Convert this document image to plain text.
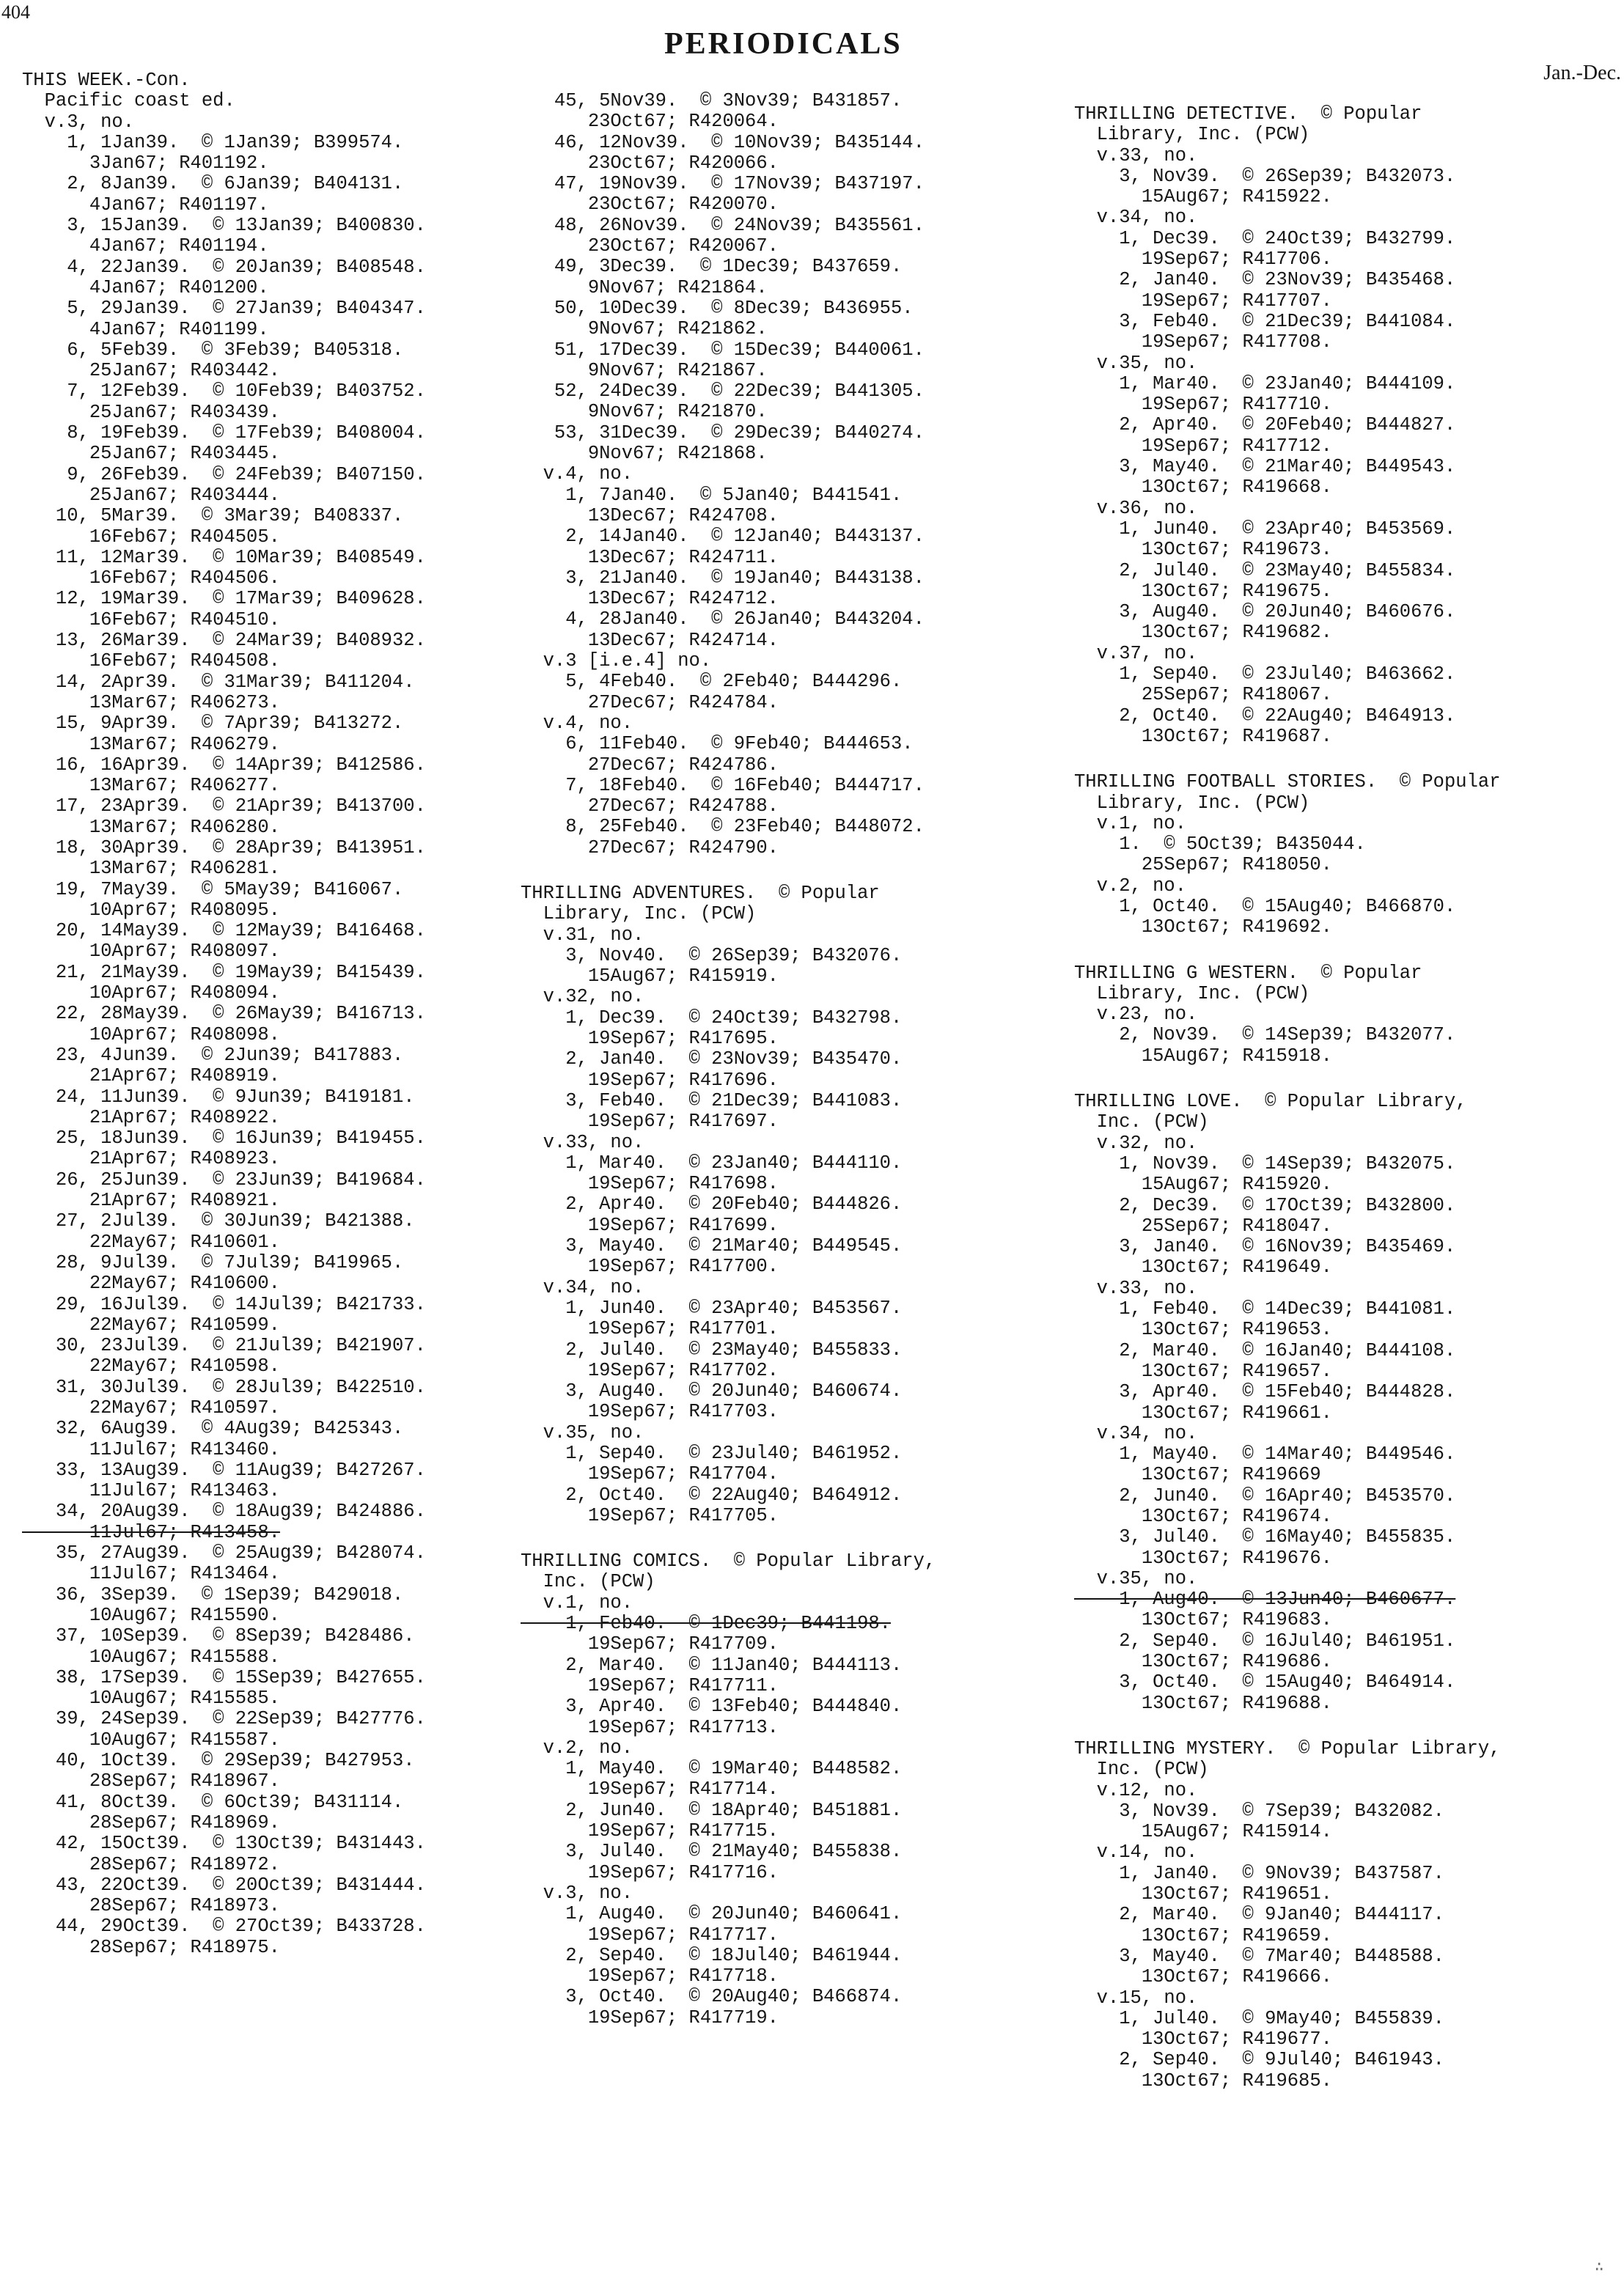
404
PERIODICALS
Jan.-Dec.
THIS WEEK.-Con.
Pacific coast ed.
v.3, no.
1, 1Jan39.  © 1Jan39; B399574.
3Jan67; R401192.
2, 8Jan39.  © 6Jan39; B404131.
4Jan67; R401197.
3, 15Jan39.  © 13Jan39; B400830.
4Jan67; R401194.
4, 22Jan39.  © 20Jan39; B408548.
4Jan67; R401200.
5, 29Jan39.  © 27Jan39; B404347.
4Jan67; R401199.
6, 5Feb39.  © 3Feb39; B405318.
25Jan67; R403442.
7, 12Feb39.  © 10Feb39; B403752.
25Jan67; R403439.
8, 19Feb39.  © 17Feb39; B408004.
25Jan67; R403445.
9, 26Feb39.  © 24Feb39; B407150.
25Jan67; R403444.
10, 5Mar39.  © 3Mar39; B408337.
16Feb67; R404505.
11, 12Mar39.  © 10Mar39; B408549.
16Feb67; R404506.
12, 19Mar39.  © 17Mar39; B409628.
16Feb67; R404510.
13, 26Mar39.  © 24Mar39; B408932.
16Feb67; R404508.
14, 2Apr39.  © 31Mar39; B411204.
13Mar67; R406273.
15, 9Apr39.  © 7Apr39; B413272.
13Mar67; R406279.
16, 16Apr39.  © 14Apr39; B412586.
13Mar67; R406277.
17, 23Apr39.  © 21Apr39; B413700.
13Mar67; R406280.
18, 30Apr39.  © 28Apr39; B413951.
13Mar67; R406281.
19, 7May39.  © 5May39; B416067.
10Apr67; R408095.
20, 14May39.  © 12May39; B416468.
10Apr67; R408097.
21, 21May39.  © 19May39; B415439.
10Apr67; R408094.
22, 28May39.  © 26May39; B416713.
10Apr67; R408098.
23, 4Jun39.  © 2Jun39; B417883.
21Apr67; R408919.
24, 11Jun39.  © 9Jun39; B419181.
21Apr67; R408922.
25, 18Jun39.  © 16Jun39; B419455.
21Apr67; R408923.
26, 25Jun39.  © 23Jun39; B419684.
21Apr67; R408921.
27, 2Jul39.  © 30Jun39; B421388.
22May67; R410601.
28, 9Jul39.  © 7Jul39; B419965.
22May67; R410600.
29, 16Jul39.  © 14Jul39; B421733.
22May67; R410599.
30, 23Jul39.  © 21Jul39; B421907.
22May67; R410598.
31, 30Jul39.  © 28Jul39; B422510.
22May67; R410597.
32, 6Aug39.  © 4Aug39; B425343.
11Jul67; R413460.
33, 13Aug39.  © 11Aug39; B427267.
11Jul67; R413463.
34, 20Aug39.  © 18Aug39; B424886.
11Jul67; R413458.
35, 27Aug39.  © 25Aug39; B428074.
11Jul67; R413464.
36, 3Sep39.  © 1Sep39; B429018.
10Aug67; R415590.
37, 10Sep39.  © 8Sep39; B428486.
10Aug67; R415588.
38, 17Sep39.  © 15Sep39; B427655.
10Aug67; R415585.
39, 24Sep39.  © 22Sep39; B427776.
10Aug67; R415587.
40, 1Oct39.  © 29Sep39; B427953.
28Sep67; R418967.
41, 8Oct39.  © 6Oct39; B431114.
28Sep67; R418969.
42, 15Oct39.  © 13Oct39; B431443.
28Sep67; R418972.
43, 22Oct39.  © 20Oct39; B431444.
28Sep67; R418973.
44, 29Oct39.  © 27Oct39; B433728.
28Sep67; R418975.
45, 5Nov39.  © 3Nov39; B431857.
23Oct67; R420064.
46, 12Nov39.  © 10Nov39; B435144.
23Oct67; R420066.
47, 19Nov39.  © 17Nov39; B437197.
23Oct67; R420070.
48, 26Nov39.  © 24Nov39; B435561.
23Oct67; R420067.
49, 3Dec39.  © 1Dec39; B437659.
9Nov67; R421864.
50, 10Dec39.  © 8Dec39; B436955.
9Nov67; R421862.
51, 17Dec39.  © 15Dec39; B440061.
9Nov67; R421867.
52, 24Dec39.  © 22Dec39; B441305.
9Nov67; R421870.
53, 31Dec39.  © 29Dec39; B440274.
9Nov67; R421868.
v.4, no.
1, 7Jan40.  © 5Jan40; B441541.
13Dec67; R424708.
2, 14Jan40.  © 12Jan40; B443137.
13Dec67; R424711.
3, 21Jan40.  © 19Jan40; B443138.
13Dec67; R424712.
4, 28Jan40.  © 26Jan40; B443204.
13Dec67; R424714.
v.3 [i.e.4] no.
5, 4Feb40.  © 2Feb40; B444296.
27Dec67; R424784.
v.4, no.
6, 11Feb40.  © 9Feb40; B444653.
27Dec67; R424786.
7, 18Feb40.  © 16Feb40; B444717.
27Dec67; R424788.
8, 25Feb40.  © 23Feb40; B448072.
27Dec67; R424790.
THRILLING ADVENTURES.  © Popular
Library, Inc. (PCW)
v.31, no.
3, Nov40.  © 26Sep39; B432076.
15Aug67; R415919.
v.32, no.
1, Dec39.  © 24Oct39; B432798.
19Sep67; R417695.
2, Jan40.  © 23Nov39; B435470.
19Sep67; R417696.
3, Feb40.  © 21Dec39; B441083.
19Sep67; R417697.
v.33, no.
1, Mar40.  © 23Jan40; B444110.
19Sep67; R417698.
2, Apr40.  © 20Feb40; B444826.
19Sep67; R417699.
3, May40.  © 21Mar40; B449545.
19Sep67; R417700.
v.34, no.
1, Jun40.  © 23Apr40; B453567.
19Sep67; R417701.
2, Jul40.  © 23May40; B455833.
19Sep67; R417702.
3, Aug40.  © 20Jun40; B460674.
19Sep67; R417703.
v.35, no.
1, Sep40.  © 23Jul40; B461952.
19Sep67; R417704.
2, Oct40.  © 22Aug40; B464912.
19Sep67; R417705.
THRILLING COMICS.  © Popular Library,
Inc. (PCW)
v.1, no.
1, Feb40.  © 1Dec39; B441198.
19Sep67; R417709.
2, Mar40.  © 11Jan40; B444113.
19Sep67; R417711.
3, Apr40.  © 13Feb40; B444840.
19Sep67; R417713.
v.2, no.
1, May40.  © 19Mar40; B448582.
19Sep67; R417714.
2, Jun40.  © 18Apr40; B451881.
19Sep67; R417715.
3, Jul40.  © 21May40; B455838.
19Sep67; R417716.
v.3, no.
1, Aug40.  © 20Jun40; B460641.
19Sep67; R417717.
2, Sep40.  © 18Jul40; B461944.
19Sep67; R417718.
3, Oct40.  © 20Aug40; B466874.
19Sep67; R417719.
THRILLING DETECTIVE.  © Popular
Library, Inc. (PCW)
v.33, no.
3, Nov39.  © 26Sep39; B432073.
15Aug67; R415922.
v.34, no.
1, Dec39.  © 24Oct39; B432799.
19Sep67; R417706.
2, Jan40.  © 23Nov39; B435468.
19Sep67; R417707.
3, Feb40.  © 21Dec39; B441084.
19Sep67; R417708.
v.35, no.
1, Mar40.  © 23Jan40; B444109.
19Sep67; R417710.
2, Apr40.  © 20Feb40; B444827.
19Sep67; R417712.
3, May40.  © 21Mar40; B449543.
13Oct67; R419668.
v.36, no.
1, Jun40.  © 23Apr40; B453569.
13Oct67; R419673.
2, Jul40.  © 23May40; B455834.
13Oct67; R419675.
3, Aug40.  © 20Jun40; B460676.
13Oct67; R419682.
v.37, no.
1, Sep40.  © 23Jul40; B463662.
25Sep67; R418067.
2, Oct40.  © 22Aug40; B464913.
13Oct67; R419687.
THRILLING FOOTBALL STORIES.  © Popular
Library, Inc. (PCW)
v.1, no.
1.  © 5Oct39; B435044.
25Sep67; R418050.
v.2, no.
1, Oct40.  © 15Aug40; B466870.
13Oct67; R419692.
THRILLING G WESTERN.  © Popular
Library, Inc. (PCW)
v.23, no.
2, Nov39.  © 14Sep39; B432077.
15Aug67; R415918.
THRILLING LOVE.  © Popular Library,
Inc. (PCW)
v.32, no.
1, Nov39.  © 14Sep39; B432075.
15Aug67; R415920.
2, Dec39.  © 17Oct39; B432800.
25Sep67; R418047.
3, Jan40.  © 16Nov39; B435469.
13Oct67; R419649.
v.33, no.
1, Feb40.  © 14Dec39; B441081.
13Oct67; R419653.
2, Mar40.  © 16Jan40; B444108.
13Oct67; R419657.
3, Apr40.  © 15Feb40; B444828.
13Oct67; R419661.
v.34, no.
1, May40.  © 14Mar40; B449546.
13Oct67; R419669
2, Jun40.  © 16Apr40; B453570.
13Oct67; R419674.
3, Jul40.  © 16May40; B455835.
13Oct67; R419676.
v.35, no.
1, Aug40.  © 13Jun40; B460677.
13Oct67; R419683.
2, Sep40.  © 16Jul40; B461951.
13Oct67; R419686.
3, Oct40.  © 15Aug40; B464914.
13Oct67; R419688.
THRILLING MYSTERY.  © Popular Library,
Inc. (PCW)
v.12, no.
3, Nov39.  © 7Sep39; B432082.
15Aug67; R415914.
v.14, no.
1, Jan40.  © 9Nov39; B437587.
13Oct67; R419651.
2, Mar40.  © 9Jan40; B444117.
13Oct67; R419659.
3, May40.  © 7Mar40; B448588.
13Oct67; R419666.
v.15, no.
1, Jul40.  © 9May40; B455839.
13Oct67; R419677.
2, Sep40.  © 9Jul40; B461943.
13Oct67; R419685.
∴
